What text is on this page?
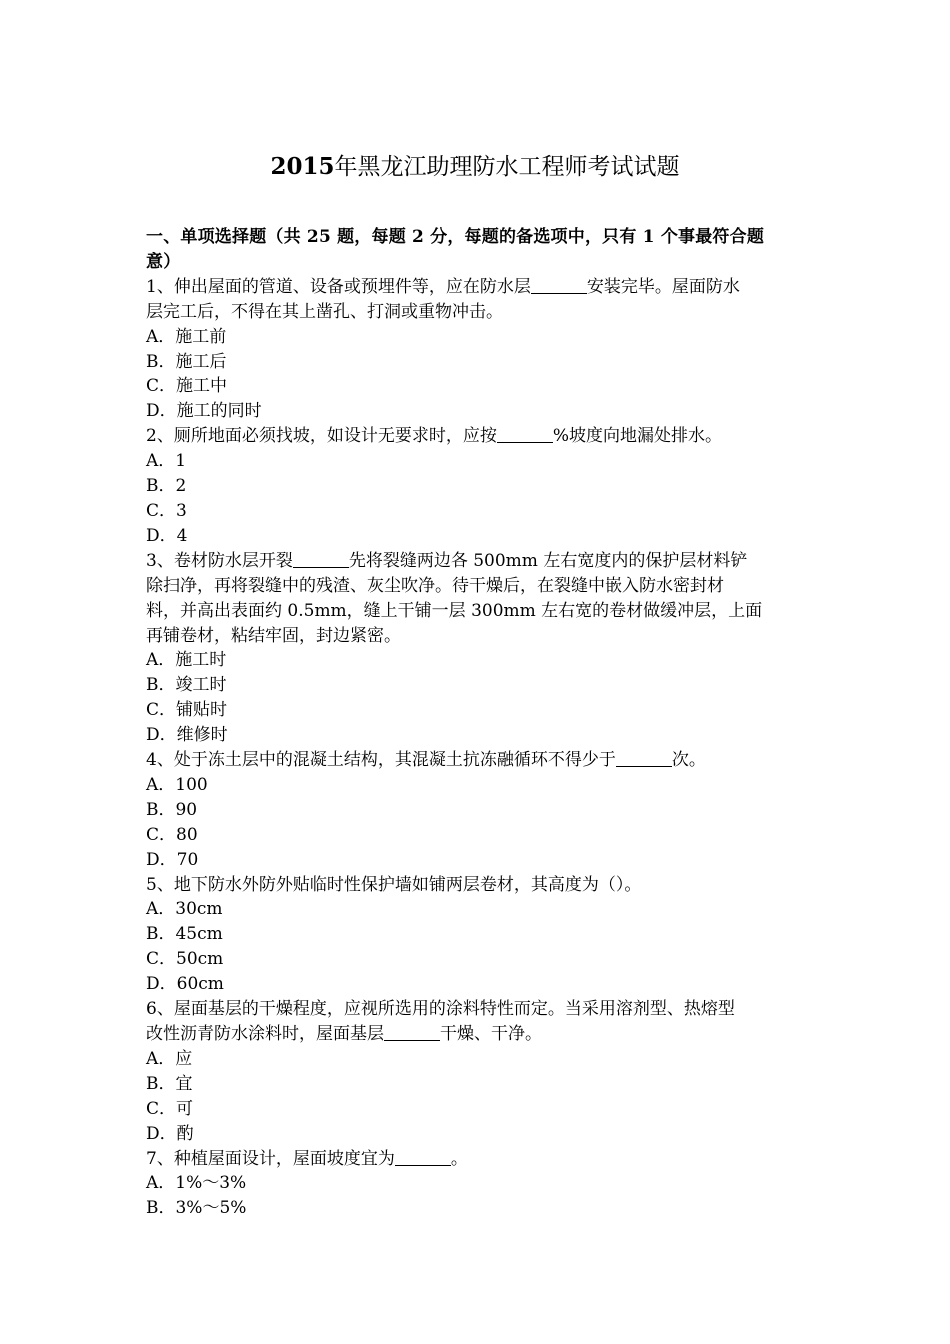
2015年黑龙江助理防水工程师考试试题
一、单项选择题（共 25 题，每题 2 分，每题的备选项中，只有 1 个事最符合题
意）
1、伸出屋面的管道、设备或预埋件等，应在防水层	安装完毕。屋面防水
层完工后，不得在其上凿孔、打洞或重物冲击。
A．施工前
B．施工后
C．施工中
D．施工的同时
2、厕所地面必须找坡，如设计无要求时，应按	%坡度向地漏处排水。
A．1
B．2
C．3
D．4
3、卷材防水层开裂	先将裂缝两边各 500mm 左右宽度内的保护层材料铲
除扫净，再将裂缝中的残渣、灰尘吹净。待干燥后，在裂缝中嵌入防水密封材
料，并高出表面约 0.5mm，缝上干铺一层 300mm 左右宽的卷材做缓冲层，上面
再铺卷材，粘结牢固，封边紧密。
A．施工时
B．竣工时
C．铺贴时
D．维修时
4、处于冻土层中的混凝土结构，其混凝土抗冻融循环不得少于	次。
A．100
B．90
C．80
D．70
5、地下防水外防外贴临时性保护墙如铺两层卷材，其高度为（）。
A．30cm
B．45cm
C．50cm
D．60cm
6、屋面基层的干燥程度，应视所选用的涂料特性而定。当采用溶剂型、热熔型
改性沥青防水涂料时，屋面基层	干燥、干净。
A．应
B．宜
C．可
D．酌
7、种植屋面设计，屋面坡度宜为	。
A．1%～3%
B．3%～5%
